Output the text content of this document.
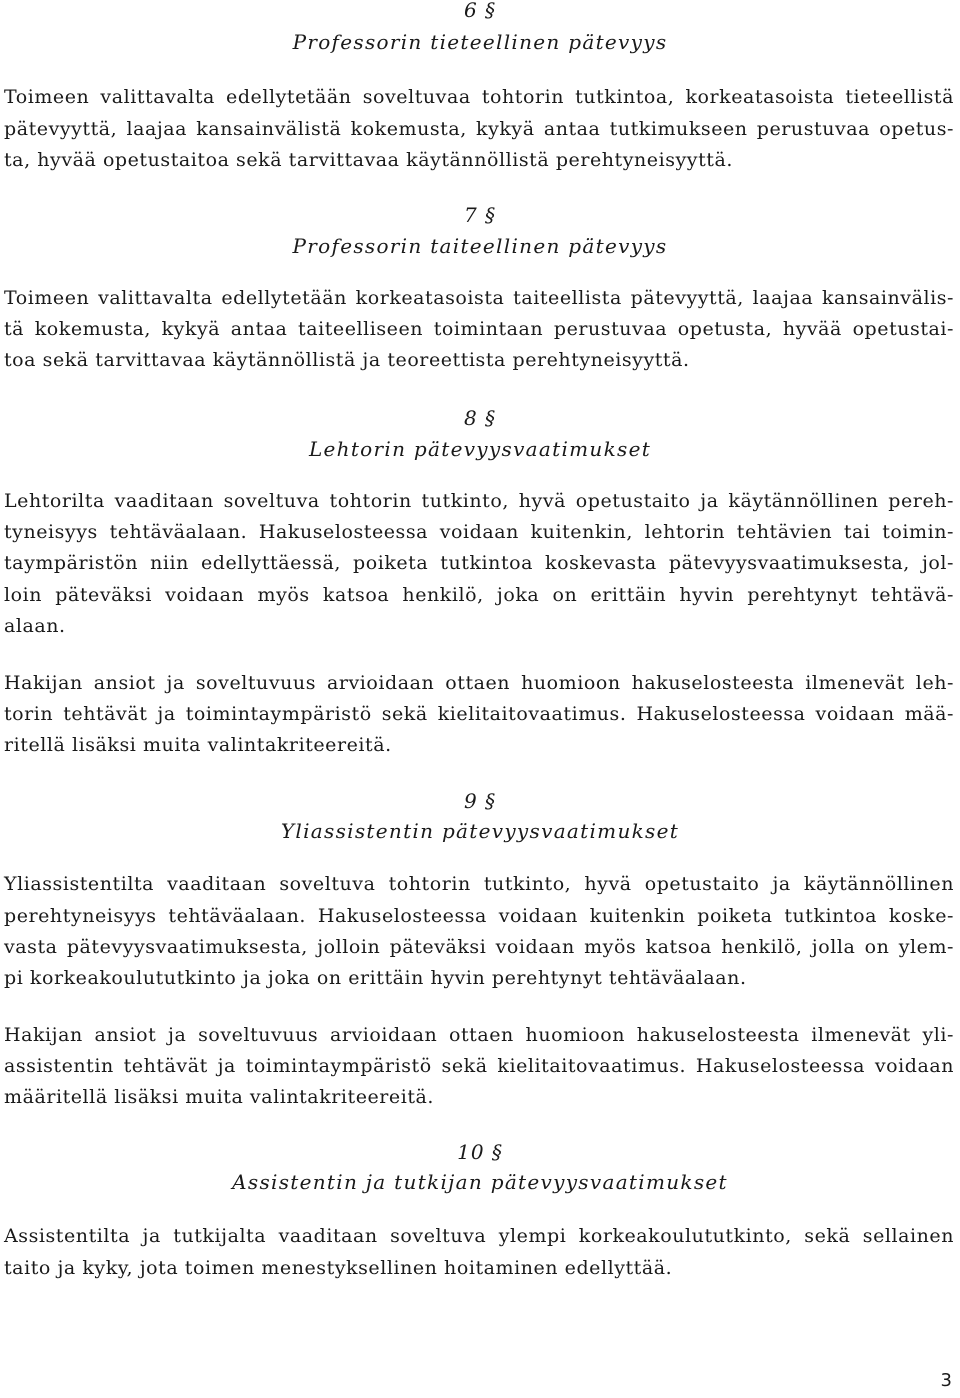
6 §
Professorin tieteellinen pätevyys
Toimeen valittavalta edellytetään soveltuvaa tohtorin tutkintoa, korkeatasoista tieteellistä
pätevyyttä, laajaa kansainvälistä kokemusta, kykyä antaa tutkimukseen perustuvaa opetus-
ta, hyvää opetustaitoa sekä tarvittavaa käytännöllistä perehtyneisyyttä.
7 §
Professorin taiteellinen pätevyys
Toimeen valittavalta edellytetään korkeatasoista taiteellista pätevyyttä, laajaa kansainvälis-
tä kokemusta, kykyä antaa taiteelliseen toimintaan perustuvaa opetusta, hyvää opetustai-
toa sekä tarvittavaa käytännöllistä ja teoreettista perehtyneisyyttä.
8 §
Lehtorin pätevyysvaatimukset
Lehtorilta vaaditaan soveltuva tohtorin tutkinto, hyvä opetustaito ja käytännöllinen pereh-
tyneisyys tehtäväalaan. Hakuselosteessa voidaan kuitenkin, lehtorin tehtävien tai toimin-
taympäristön niin edellyttäessä, poiketa tutkintoa koskevasta pätevyysvaatimuksesta, jol-
loin päteväksi voidaan myös katsoa henkilö, joka on erittäin hyvin perehtynyt tehtävä-
alaan.
Hakijan ansiot ja soveltuvuus arvioidaan ottaen huomioon hakuselosteesta ilmenevät leh-
torin tehtävät ja toimintaympäristö sekä kielitaitovaatimus. Hakuselosteessa voidaan mää-
ritellä lisäksi muita valintakriteereitä.
9 §
Yliassistentin pätevyysvaatimukset
Yliassistentilta vaaditaan soveltuva tohtorin tutkinto, hyvä opetustaito ja käytännöllinen
perehtyneisyys tehtäväalaan. Hakuselosteessa voidaan kuitenkin poiketa tutkintoa koske-
vasta pätevyysvaatimuksesta, jolloin päteväksi voidaan myös katsoa henkilö, jolla on ylem-
pi korkeakoulututkinto ja joka on erittäin hyvin perehtynyt tehtäväalaan.
Hakijan ansiot ja soveltuvuus arvioidaan ottaen huomioon hakuselosteesta ilmenevät yli-
assistentin tehtävät ja toimintaympäristö sekä kielitaitovaatimus. Hakuselosteessa voidaan
määritellä lisäksi muita valintakriteereitä.
10 §
Assistentin ja tutkijan pätevyysvaatimukset
Assistentilta ja tutkijalta vaaditaan soveltuva ylempi korkeakoulututkinto, sekä sellainen
taito ja kyky, jota toimen menestyksellinen hoitaminen edellyttää.
3
